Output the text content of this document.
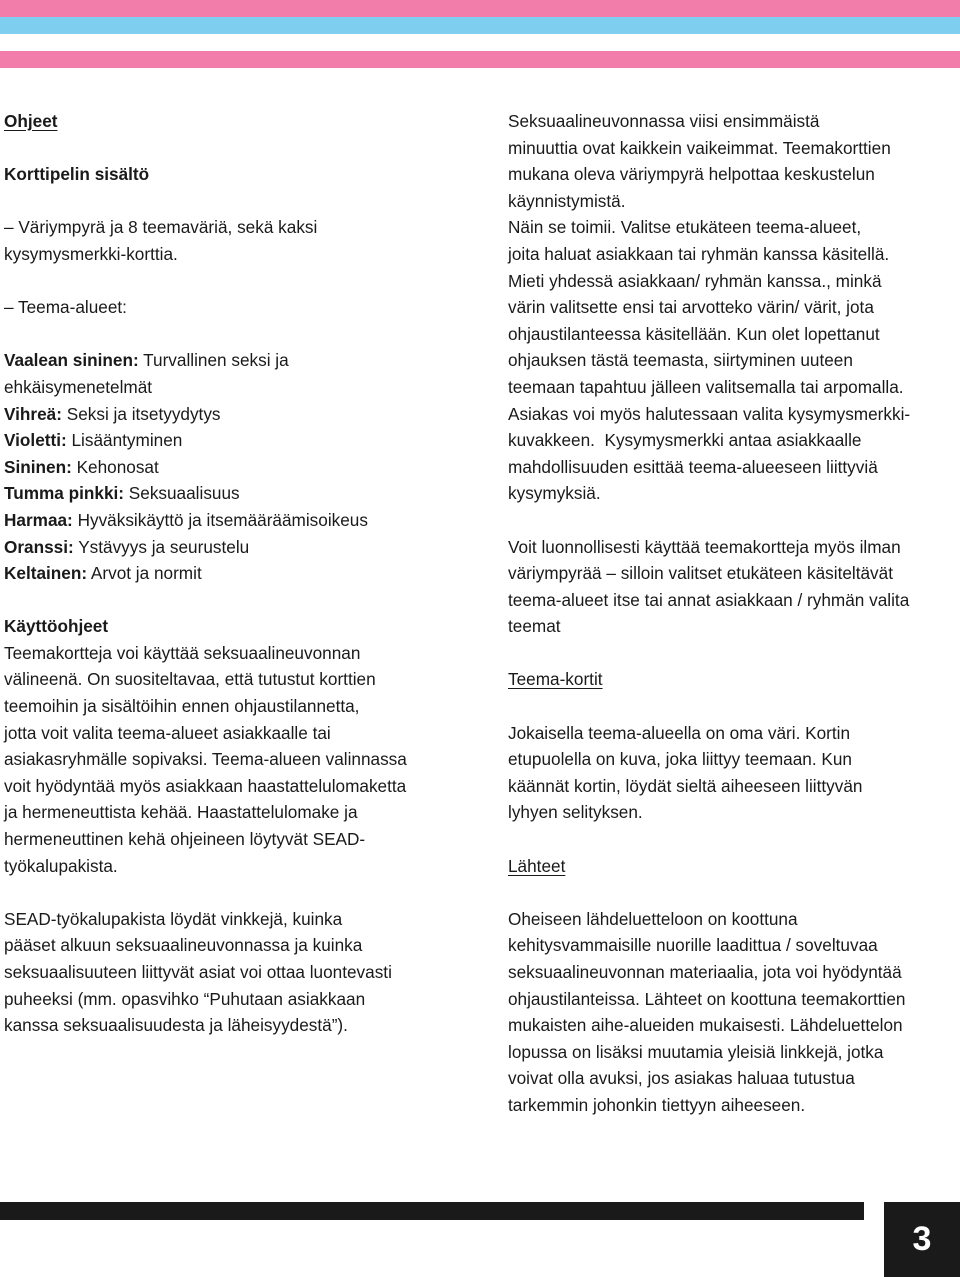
Ohjeet

Korttipelin sisältö

– Väriympyrä ja 8 teemaväriä, sekä kaksi

kysymysmerkki-korttia.

– Teema-alueet:

Vaalean sininen: Turvallinen seksi ja

ehkäisymenetelmät

Vihreä: Seksi ja itsetyydytys

Violetti: Lisääntyminen

Sininen: Kehonosat

Tumma pinkki: Seksuaalisuus

Harmaa: Hyväksikäyttö ja itsemääräämisoikeus

Oranssi: Ystävyys ja seurustelu

Keltainen: Arvot ja normit

Käyttöohjeet

Teemakortteja voi käyttää seksuaalineuvonnan

välineenä. On suositeltavaa, että tutustut korttien

teemoihin ja sisältöihin ennen ohjaustilannetta,

jotta voit valita teema-alueet asiakkaalle tai

asiakasryhmälle sopivaksi. Teema-alueen valinnassa

voit hyödyntää myös asiakkaan haastattelulomaketta

ja hermeneuttista kehää. Haastattelulomake ja

hermeneuttinen kehä ohjeineen löytyvät SEAD-

työkalupakista.

SEAD-työkalupakista löydät vinkkejä, kuinka

pääset alkuun seksuaalineuvonnassa ja kuinka

seksuaalisuuteen liittyvät asiat voi ottaa luontevasti

puheeksi (mm. opasvihko “Puhutaan asiakkaan

kanssa seksuaalisuudesta ja läheisyydestä”).

Seksuaalineuvonnassa viisi ensimmäistä

minuuttia ovat kaikkein vaikeimmat. Teemakorttien

mukana oleva väriympyrä helpottaa keskustelun

käynnistymistä.

Näin se toimii. Valitse etukäteen teema-alueet,

joita haluat asiakkaan tai ryhmän kanssa käsitellä.

Mieti yhdessä asiakkaan/ ryhmän kanssa., minkä

värin valitsette ensi tai arvotteko värin/ värit, jota

ohjaustilanteessa käsitellään. Kun olet lopettanut

ohjauksen tästä teemasta, siirtyminen uuteen

teemaan tapahtuu jälleen valitsemalla tai arpomalla.

Asiakas voi myös halutessaan valita kysymysmerkki-

kuvakkeen.  Kysymysmerkki antaa asiakkaalle

mahdollisuuden esittää teema-alueeseen liittyviä

kysymyksiä.

Voit luonnollisesti käyttää teemakortteja myös ilman

väriympyrää – silloin valitset etukäteen käsiteltävät

teema-alueet itse tai annat asiakkaan / ryhmän valita

teemat

Teema-kortit

Jokaisella teema-alueella on oma väri. Kortin

etupuolella on kuva, joka liittyy teemaan. Kun

käännät kortin, löydät sieltä aiheeseen liittyvän

lyhyen selityksen.

Lähteet

Oheiseen lähdeluetteloon on koottuna

kehitysvammaisille nuorille laadittua / soveltuvaa

seksuaalineuvonnan materiaalia, jota voi hyödyntää

ohjaustilanteissa. Lähteet on koottuna teemakorttien

mukaisten aihe-alueiden mukaisesti. Lähdeluettelon

lopussa on lisäksi muutamia yleisiä linkkejä, jotka

voivat olla avuksi, jos asiakas haluaa tutustua

tarkemmin johonkin tiettyyn aiheeseen.

3
